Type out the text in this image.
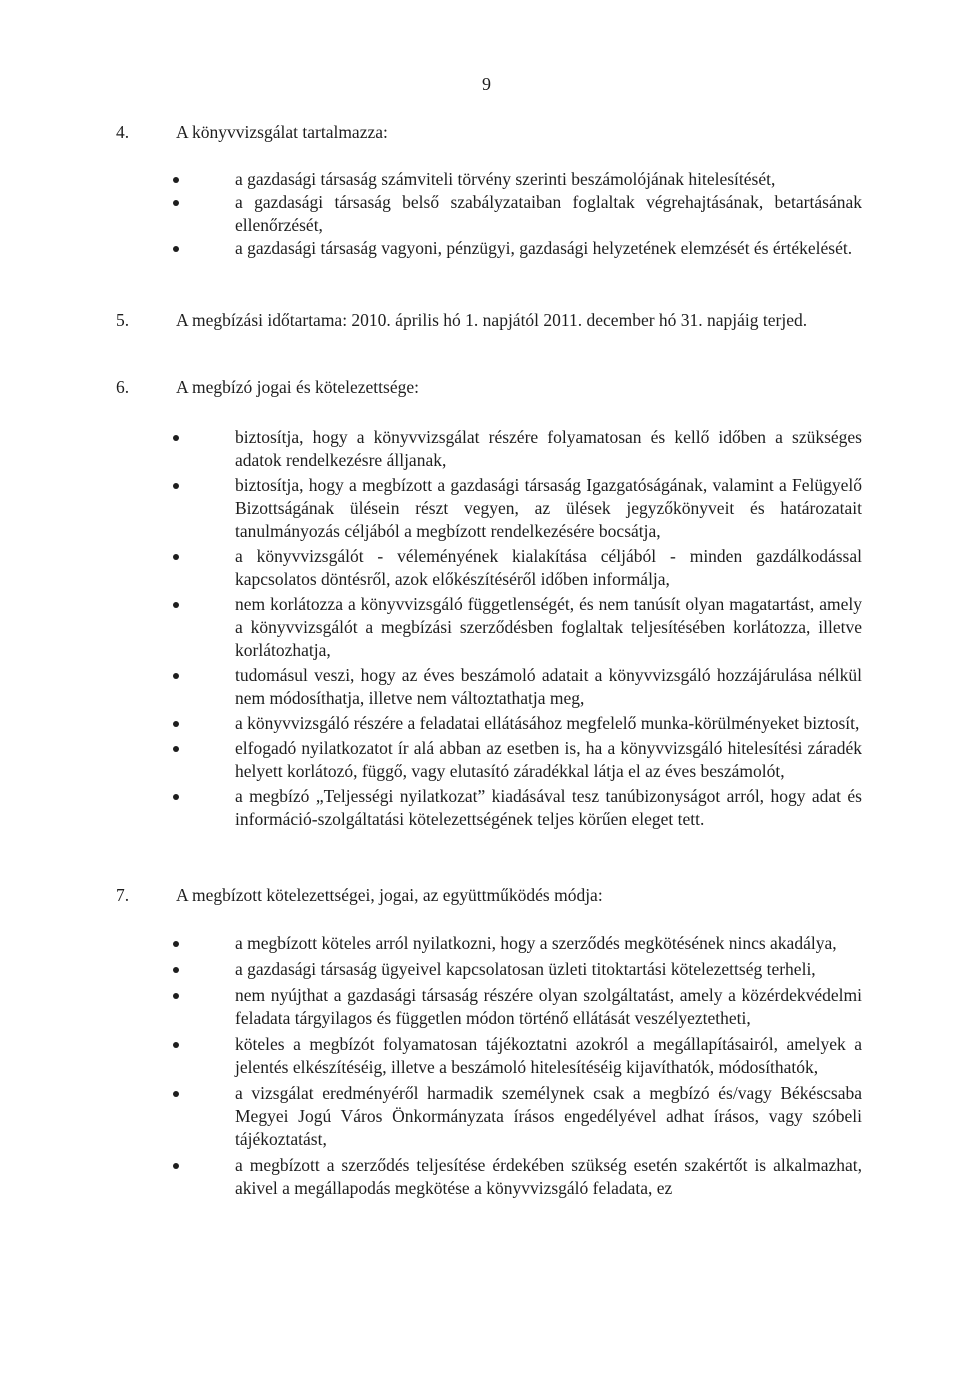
9
4.	A könyvvizsgálat tartalmazza:
a gazdasági társaság számviteli törvény szerinti beszámolójának hitelesítését,
a gazdasági társaság belső szabályzataiban foglaltak végrehajtásának, betartásának ellenőrzését,
a gazdasági társaság vagyoni, pénzügyi, gazdasági helyzetének elemzését és értékelését.
5.	A megbízási időtartama: 2010. április hó 1. napjától 2011. december hó 31. napjáig terjed.
6.	A megbízó jogai és kötelezettsége:
biztosítja, hogy a könyvvizsgálat részére folyamatosan és kellő időben a szükséges adatok rendelkezésre álljanak,
biztosítja, hogy a megbízott a gazdasági társaság Igazgatóságának, valamint a Felügyelő Bizottságának ülésein részt vegyen, az ülések jegyzőkönyveit és határozatait tanulmányozás céljából a megbízott rendelkezésére bocsátja,
a könyvvizsgálót - véleményének kialakítása céljából - minden gazdálkodással kapcsolatos döntésről, azok előkészítéséről időben informálja,
nem korlátozza a könyvvizsgáló függetlenségét, és nem tanúsít olyan magatartást, amely a könyvvizsgálót a megbízási szerződésben foglaltak teljesítésében korlátozza, illetve korlátozhatja,
tudomásul veszi, hogy az éves beszámoló adatait a könyvvizsgáló hozzájárulása nélkül nem módosíthatja, illetve nem változtathatja meg,
a könyvvizsgáló részére a feladatai ellátásához megfelelő munka-körülményeket biztosít,
elfogadó nyilatkozatot ír alá abban az esetben is, ha a könyvvizsgáló hitelesítési záradék helyett korlátozó, függő, vagy elutasító záradékkal látja el az éves beszámolót,
a megbízó „Teljességi nyilatkozat” kiadásával tesz tanúbizonyságot arról, hogy adat és információ-szolgáltatási kötelezettségének teljes körűen eleget tett.
7.	A megbízott kötelezettségei, jogai, az együttműködés módja:
a megbízott köteles arról nyilatkozni, hogy a szerződés megkötésének nincs akadálya,
a gazdasági társaság ügyeivel kapcsolatosan üzleti titoktartási kötelezettség terheli,
nem nyújthat a gazdasági társaság részére olyan szolgáltatást, amely a közérdekvédelmi feladata tárgyilagos és független módon történő ellátását veszélyeztetheti,
köteles a megbízót folyamatosan tájékoztatni azokról a megállapításairól, amelyek a jelentés elkészítéséig, illetve a beszámoló hitelesítéséig kijavíthatók, módosíthatók,
a vizsgálat eredményéről harmadik személynek csak a megbízó és/vagy Békéscsaba Megyei Jogú Város Önkormányzata írásos engedélyével adhat írásos, vagy szóbeli tájékoztatást,
a megbízott a szerződés teljesítése érdekében szükség esetén szakértőt is alkalmazhat, akivel a megállapodás megkötése a könyvvizsgáló feladata, ez
